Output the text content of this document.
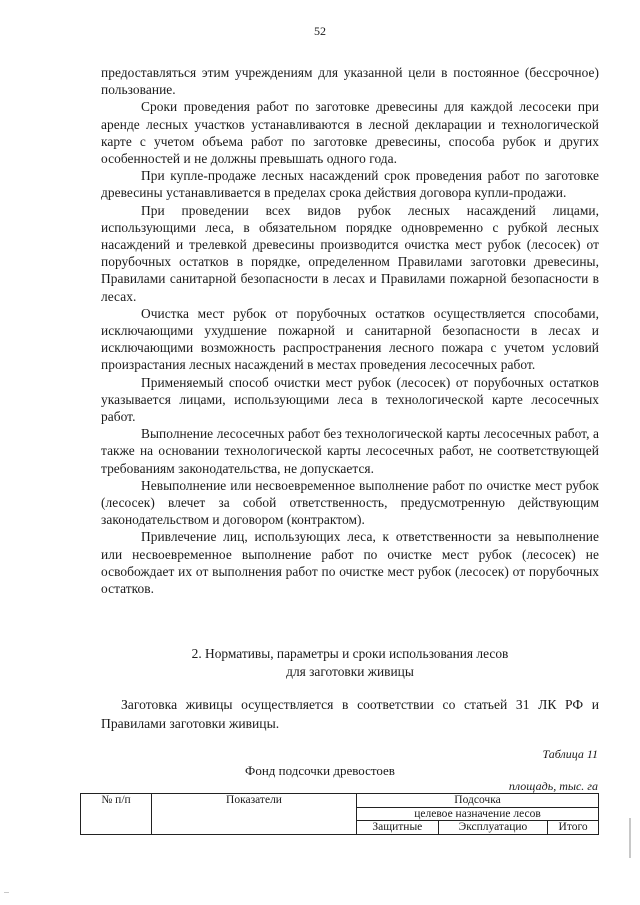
52

предоставляться этим учреждениям для указанной цели в постоянное (бессрочное) пользование.

Сроки проведения работ по заготовке древесины для каждой лесосеки при аренде лесных участков устанавливаются в лесной декларации и технологической карте с учетом объема работ по заготовке древесины, способа рубок и других особенностей и не должны превышать одного года.

При купле-продаже лесных насаждений срок проведения работ по заготовке древесины устанавливается в пределах срока действия договора купли-продажи.

При проведении всех видов рубок лесных насаждений лицами, использующими леса, в обязательном порядке одновременно с рубкой лесных насаждений и трелевкой древесины производится очистка мест рубок (лесосек) от порубочных остатков в порядке, определенном Правилами заготовки древесины, Правилами санитарной безопасности в лесах и Правилами пожарной безопасности в лесах.

Очистка мест рубок от порубочных остатков осуществляется способами, исключающими ухудшение пожарной и санитарной безопасности в лесах и исключающими возможность распространения лесного пожара с учетом условий произрастания лесных насаждений в местах проведения лесосечных работ.

Применяемый способ очистки мест рубок (лесосек) от порубочных остатков указывается лицами, использующими леса в технологической карте лесосечных работ.

Выполнение лесосечных работ без технологической карты лесосечных работ, а также на основании технологической карты лесосечных работ, не соответствующей требованиям законодательства, не допускается.

Невыполнение или несвоевременное выполнение работ по очистке мест рубок (лесосек) влечет за собой ответственность, предусмотренную действующим законодательством и договором (контрактом).

Привлечение лиц, использующих леса, к ответственности за невыполнение или несвоевременное выполнение работ по очистке мест рубок (лесосек) не освобождает их от выполнения работ по очистке мест рубок (лесосек) от порубочных остатков.

2. Нормативы, параметры и сроки использования лесов
для заготовки живицы

Заготовка живицы осуществляется в соответствии со статьей 31 ЛК РФ и Правилами заготовки живицы.

Таблица 11
Фонд подсочки древостоев
площадь, тыс. га
№ п/п	Показатели	Подсочка		
		целевое назначение лесов		
		Защитные	Эксплуатацио	Итого
